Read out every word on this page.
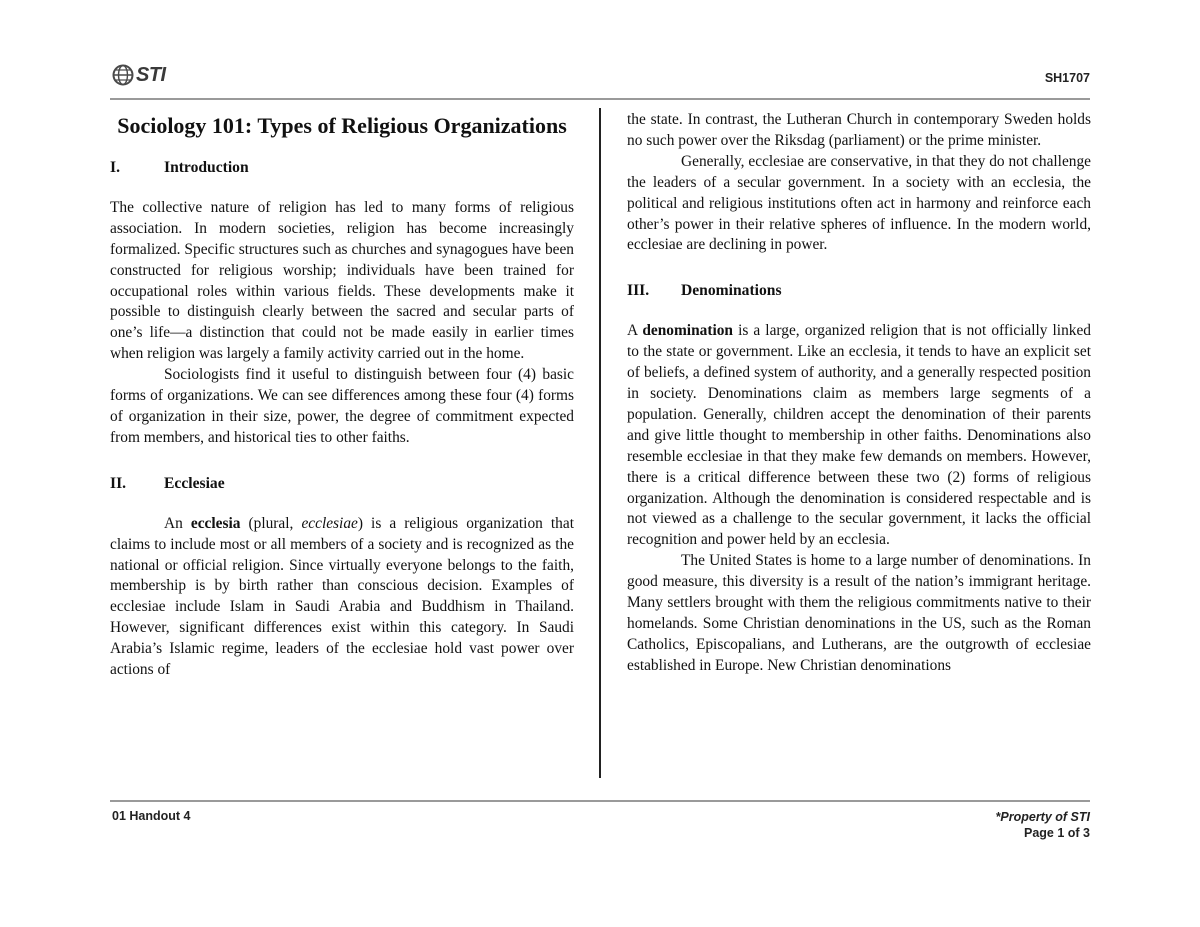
STI	SH1707
Sociology 101: Types of Religious Organizations
I.	Introduction

The collective nature of religion has led to many forms of religious association. In modern societies, religion has become increasingly formalized. Specific structures such as churches and synagogues have been constructed for religious worship; individuals have been trained for occupational roles within various fields. These developments make it possible to distinguish clearly between the sacred and secular parts of one’s life—a distinction that could not be made easily in earlier times when religion was largely a family activity carried out in the home.

Sociologists find it useful to distinguish between four (4) basic forms of organizations. We can see differences among these four (4) forms of organization in their size, power, the degree of commitment expected from members, and historical ties to other faiths.

II.	Ecclesiae

An ecclesia (plural, ecclesiae) is a religious organization that claims to include most or all members of a society and is recognized as the national or official religion. Since virtually everyone belongs to the faith, membership is by birth rather than conscious decision. Examples of ecclesiae include Islam in Saudi Arabia and Buddhism in Thailand. However, significant differences exist within this category. In Saudi Arabia’s Islamic regime, leaders of the ecclesiae hold vast power over actions of

the state. In contrast, the Lutheran Church in contemporary Sweden holds no such power over the Riksdag (parliament) or the prime minister.

Generally, ecclesiae are conservative, in that they do not challenge the leaders of a secular government. In a society with an ecclesia, the political and religious institutions often act in harmony and reinforce each other’s power in their relative spheres of influence. In the modern world, ecclesiae are declining in power.

III.	Denominations

A denomination is a large, organized religion that is not officially linked to the state or government. Like an ecclesia, it tends to have an explicit set of beliefs, a defined system of authority, and a generally respected position in society. Denominations claim as members large segments of a population. Generally, children accept the denomination of their parents and give little thought to membership in other faiths. Denominations also resemble ecclesiae in that they make few demands on members. However, there is a critical difference between these two (2) forms of religious organization. Although the denomination is considered respectable and is not viewed as a challenge to the secular government, it lacks the official recognition and power held by an ecclesia.

The United States is home to a large number of denominations. In good measure, this diversity is a result of the nation’s immigrant heritage. Many settlers brought with them the religious commitments native to their homelands. Some Christian denominations in the US, such as the Roman Catholics, Episcopalians, and Lutherans, are the outgrowth of ecclesiae established in Europe. New Christian denominations

01 Handout 4	*Property of STI
Page 1 of 3
